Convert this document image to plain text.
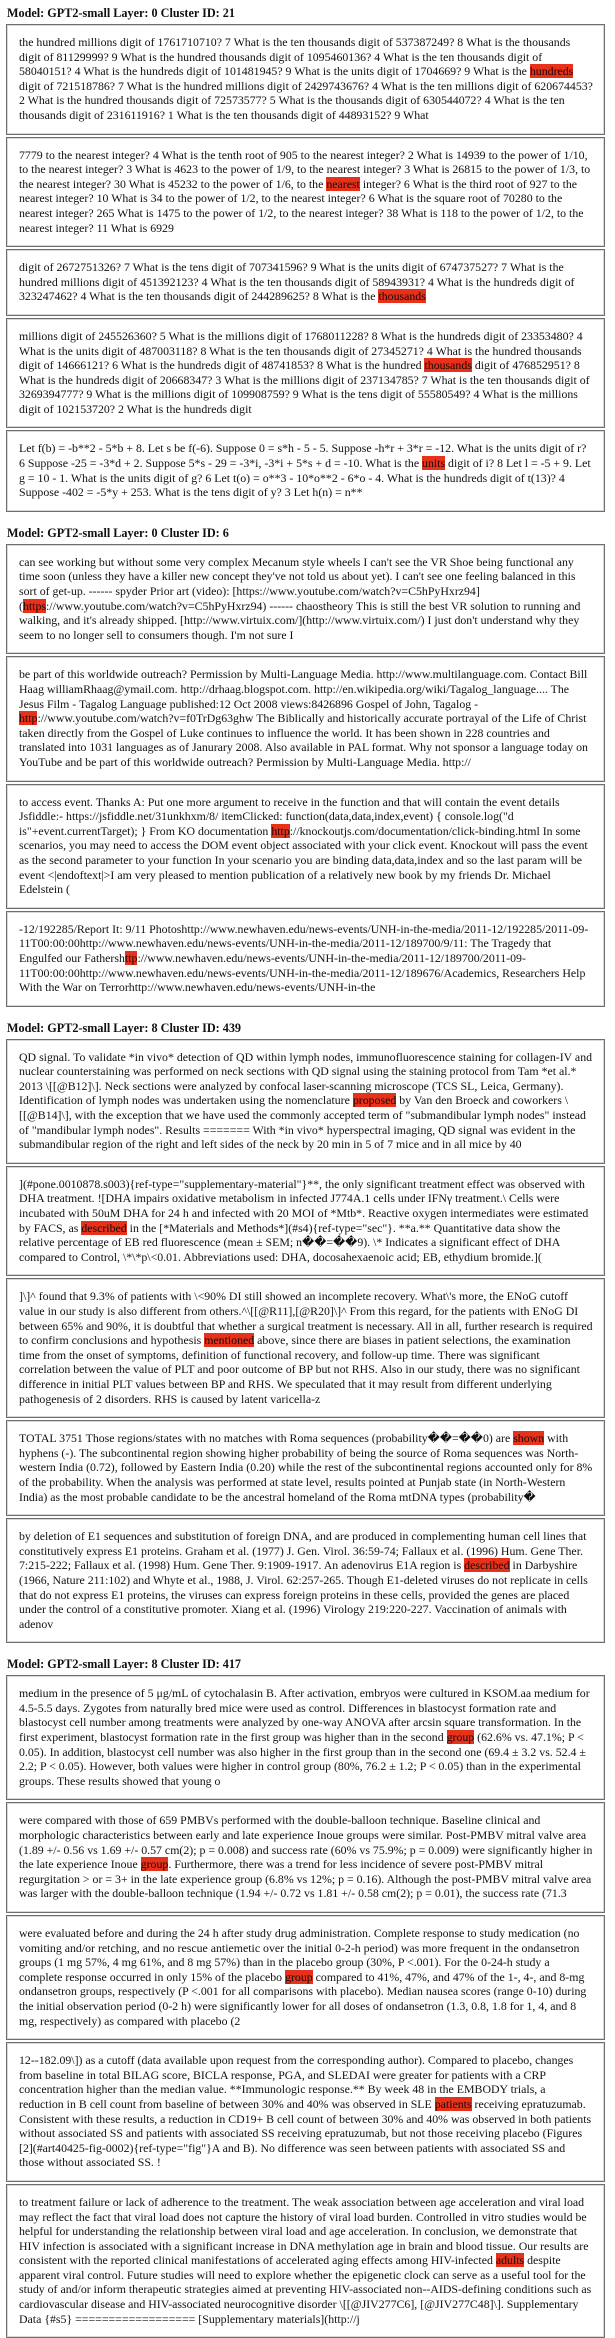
Model: GPT2-small Layer: 0 Cluster ID: 21
the hundred millions digit of 1761710710? 7 What is the ten thousands digit of 537387249? 8 What is the thousands digit of 81129999? 9 What is the hundred thousands digit of 1095460136? 4 What is the ten thousands digit of 58040151? 4 What is the hundreds digit of 101481945? 9 What is the units digit of 1704669? 9 What is the hundreds digit of 721518786? 7 What is the hundred millions digit of 2429743676? 4 What is the ten millions digit of 620674453? 2 What is the hundred thousands digit of 72573577? 5 What is the thousands digit of 630544072? 4 What is the ten thousands digit of 231611916? 1 What is the ten thousands digit of 44893152? 9 What
7779 to the nearest integer? 4 What is the tenth root of 905 to the nearest integer? 2 What is 14939 to the power of 1/10, to the nearest integer? 3 What is 4623 to the power of 1/9, to the nearest integer? 3 What is 26815 to the power of 1/3, to the nearest integer? 30 What is 45232 to the power of 1/6, to the nearest integer? 6 What is the third root of 927 to the nearest integer? 10 What is 34 to the power of 1/2, to the nearest integer? 6 What is the square root of 70280 to the nearest integer? 265 What is 1475 to the power of 1/2, to the nearest integer? 38 What is 118 to the power of 1/2, to the nearest integer? 11 What is 6929
digit of 2672751326? 7 What is the tens digit of 707341596? 9 What is the units digit of 674737527? 7 What is the hundred millions digit of 451392123? 4 What is the ten thousands digit of 58943931? 4 What is the hundreds digit of 323247462? 4 What is the ten thousands digit of 244289625? 8 What is the thousands
millions digit of 245526360? 5 What is the millions digit of 1768011228? 8 What is the hundreds digit of 23353480? 4 What is the units digit of 487003118? 8 What is the ten thousands digit of 27345271? 4 What is the hundred thousands digit of 14666121? 6 What is the hundreds digit of 48741853? 8 What is the hundred thousands digit of 476852951? 8 What is the hundreds digit of 20668347? 3 What is the millions digit of 237134785? 7 What is the ten thousands digit of 3269394777? 9 What is the millions digit of 109908759? 9 What is the tens digit of 55580549? 4 What is the millions digit of 102153720? 2 What is the hundreds digit
Let f(b) = -b**2 - 5*b + 8. Let s be f(-6). Suppose 0 = s*h - 5 - 5. Suppose -h*r + 3*r = -12. What is the units digit of r? 6 Suppose -25 = -3*d + 2. Suppose 5*s - 29 = -3*i, -3*i + 5*s + d = -10. What is the units digit of i? 8 Let l = -5 + 9. Let g = 10 - 1. What is the units digit of g? 6 Let t(o) = o**3 - 10*o**2 - 6*o - 4. What is the hundreds digit of t(13)? 4 Suppose -402 = -5*y + 253. What is the tens digit of y? 3 Let h(n) = n**
Model: GPT2-small Layer: 0 Cluster ID: 6
can see working but without some very complex Mecanum style wheels I can't see the VR Shoe being functional any time soon (unless they have a killer new concept they've not told us about yet). I can't see one feeling balanced in this sort of get-up. ------ spyder Prior art (video): [https://www.youtube.com/watch?v=C5hPyHxrz94] (https://www.youtube.com/watch?v=C5hPyHxrz94) ------ chaostheory This is still the best VR solution to running and walking, and it's already shipped. [http://www.virtuix.com/](http://www.virtuix.com/) I just don't understand why they seem to no longer sell to consumers though. I'm not sure I
be part of this worldwide outreach? Permission by Multi-Language Media. http://www.multilanguage.com. Contact Bill Haag williamRhaag@ymail.com. http://drhaag.blogspot.com. http://en.wikipedia.org/wiki/Tagalog_language.... The Jesus Film - Tagalog Language published:12 Oct 2008 views:8426896 Gospel of John, Tagalog - http://www.youtube.com/watch?v=f0TrDg63ghw The Biblically and historically accurate portrayal of the Life of Christ taken directly from the Gospel of Luke continues to influence the world. It has been shown in 228 countries and translated into 1031 languages as of Janurary 2008. Also available in PAL format. Why not sponsor a language today on YouTube and be part of this worldwide outreach? Permission by Multi-Language Media. http://
to access event. Thanks A: Put one more argument to receive in the function and that will contain the event details Jsfiddle:- https://jsfiddle.net/31unkhxm/8/ itemClicked: function(data,data,index,event) { console.log("d is"+event.currentTarget); } From KO documentation http://knockoutjs.com/documentation/click-binding.html In some scenarios, you may need to access the DOM event object associated with your click event. Knockout will pass the event as the second parameter to your function In your scenario you are binding data,data,index and so the last param will be event <|endoftext|>I am very pleased to mention publication of a relatively new book by my friends Dr. Michael Edelstein (
-12/192285/Report It: 9/11 Photoshttp://www.newhaven.edu/news-events/UNH-in-the-media/2011-12/192285/2011-09-11T00:00:00http://www.newhaven.edu/news-events/UNH-in-the-media/2011-12/189700/9/11: The Tragedy that Engulfed our Fathershttp://www.newhaven.edu/news-events/UNH-in-the-media/2011-12/189700/2011-09-11T00:00:00http://www.newhaven.edu/news-events/UNH-in-the-media/2011-12/189676/Academics, Researchers Help With the War on Terrorhttp://www.newhaven.edu/news-events/UNH-in-the
Model: GPT2-small Layer: 8 Cluster ID: 439
QD signal. To validate *in vivo* detection of QD within lymph nodes, immunofluorescence staining for collagen-IV and nuclear counterstaining was performed on neck sections with QD signal using the staining protocol from Tam *et al.* 2013 \[[@B12]\]. Neck sections were analyzed by confocal laser-scanning microscope (TCS SL, Leica, Germany). Identification of lymph nodes was undertaken using the nomenclature proposed by Van den Broeck and coworkers \[[@B14]\], with the exception that we have used the commonly accepted term of "submandibular lymph nodes" instead of "mandibular lymph nodes". Results ======= With *in vivo* hyperspectral imaging, QD signal was evident in the submandibular region of the right and left sides of the neck by 20 min in 5 of 7 mice and in all mice by 40
](#pone.0010878.s003){ref-type="supplementary-material"}**, the only significant treatment effect was observed with DHA treatment. ![DHA impairs oxidative metabolism in infected J774A.1 cells under IFNγ treatment.\ Cells were incubated with 50uM DHA for 24 h and infected with 20 MOI of *Mtb*. Reactive oxygen intermediates were estimated by FACS, as described in the [*Materials and Methods*](#s4){ref-type="sec"}. **a.** Quantitative data show the relative percentage of EB red fluorescence (mean ± SEM; n��=��9). \* Indicates a significant effect of DHA compared to Control, \*\*p\<0.01. Abbreviations used: DHA, docosahexaenoic acid; EB, ethydium bromide.](
]\]^ found that 9.3% of patients with \<90% DI still showed an incomplete recovery. What\'s more, the ENoG cutoff value in our study is also different from others.^\[[@R11],[@R20]\]^ From this regard, for the patients with ENoG DI between 65% and 90%, it is doubtful that whether a surgical treatment is necessary. All in all, further research is required to confirm conclusions and hypothesis mentioned above, since there are biases in patient selections, the examination time from the onset of symptoms, definition of functional recovery, and follow-up time. There was significant correlation between the value of PLT and poor outcome of BP but not RHS. Also in our study, there was no significant difference in initial PLT values between BP and RHS. We speculated that it may result from different underlying pathogenesis of 2 disorders. RHS is caused by latent varicella-z
TOTAL 3751 Those regions/states with no matches with Roma sequences (probability��=��0) are shown with hyphens (-). The subcontinental region showing higher probability of being the source of Roma sequences was North-western India (0.72), followed by Eastern India (0.20) while the rest of the subcontinental regions accounted only for 8% of the probability. When the analysis was performed at state level, results pointed at Punjab state (in North-Western India) as the most probable candidate to be the ancestral homeland of the Roma mtDNA types (probability�
by deletion of E1 sequences and substitution of foreign DNA, and are produced in complementing human cell lines that constitutively express E1 proteins. Graham et al. (1977) J. Gen. Virol. 36:59-74; Fallaux et al. (1996) Hum. Gene Ther. 7:215-222; Fallaux et al. (1998) Hum. Gene Ther. 9:1909-1917. An adenovirus E1A region is described in Darbyshire (1966, Nature 211:102) and Whyte et al., 1988, J. Virol. 62:257-265. Though E1-deleted viruses do not replicate in cells that do not express E1 proteins, the viruses can express foreign proteins in these cells, provided the genes are placed under the control of a constitutive promoter. Xiang et al. (1996) Virology 219:220-227. Vaccination of animals with adenov
Model: GPT2-small Layer: 8 Cluster ID: 417
medium in the presence of 5 μg/mL of cytochalasin B. After activation, embryos were cultured in KSOM.aa medium for 4.5-5.5 days. Zygotes from naturally bred mice were used as control. Differences in blastocyst formation rate and blastocyst cell number among treatments were analyzed by one-way ANOVA after arcsin square transformation. In the first experiment, blastocyst formation rate in the first group was higher than in the second group (62.6% vs. 47.1%; P < 0.05). In addition, blastocyst cell number was also higher in the first group than in the second one (69.4 ± 3.2 vs. 52.4 ± 2.2; P < 0.05). However, both values were higher in control group (80%, 76.2 ± 1.2; P < 0.05) than in the experimental groups. These results showed that young o
were compared with those of 659 PMBVs performed with the double-balloon technique. Baseline clinical and morphologic characteristics between early and late experience Inoue groups were similar. Post-PMBV mitral valve area (1.89 +/- 0.56 vs 1.69 +/- 0.57 cm(2); p = 0.008) and success rate (60% vs 75.9%; p = 0.009) were significantly higher in the late experience Inoue group. Furthermore, there was a trend for less incidence of severe post-PMBV mitral regurgitation > or = 3+ in the late experience group (6.8% vs 12%; p = 0.16). Although the post-PMBV mitral valve area was larger with the double-balloon technique (1.94 +/- 0.72 vs 1.81 +/- 0.58 cm(2); p = 0.01), the success rate (71.3
were evaluated before and during the 24 h after study drug administration. Complete response to study medication (no vomiting and/or retching, and no rescue antiemetic over the initial 0-2-h period) was more frequent in the ondansetron groups (1 mg 57%, 4 mg 61%, and 8 mg 57%) than in the placebo group (30%, P <.001). For the 0-24-h study a complete response occurred in only 15% of the placebo group compared to 41%, 47%, and 47% of the 1-, 4-, and 8-mg ondansetron groups, respectively (P <.001 for all comparisons with placebo). Median nausea scores (range 0-10) during the initial observation period (0-2 h) were significantly lower for all doses of ondansetron (1.3, 0.8, 1.8 for 1, 4, and 8 mg, respectively) as compared with placebo (2
12--182.09\]) as a cutoff (data available upon request from the corresponding author). Compared to placebo, changes from baseline in total BILAG score, BICLA response, PGA, and SLEDAI were greater for patients with a CRP concentration higher than the median value. **Immunologic response.** By week 48 in the EMBODY trials, a reduction in B cell count from baseline of between 30% and 40% was observed in SLE patients receiving epratuzumab. Consistent with these results, a reduction in CD19+ B cell count of between 30% and 40% was observed in both patients without associated SS and patients with associated SS receiving epratuzumab, but not those receiving placebo (Figures [2](#art40425-fig-0002){ref-type="fig"}A and B). No difference was seen between patients with associated SS and those without associated SS. !
to treatment failure or lack of adherence to the treatment. The weak association between age acceleration and viral load may reflect the fact that viral load does not capture the history of viral load burden. Controlled in vitro studies would be helpful for understanding the relationship between viral load and age acceleration. In conclusion, we demonstrate that HIV infection is associated with a significant increase in DNA methylation age in brain and blood tissue. Our results are consistent with the reported clinical manifestations of accelerated aging effects among HIV-infected adults despite apparent viral control. Future studies will need to explore whether the epigenetic clock can serve as a useful tool for the study of and/or inform therapeutic strategies aimed at preventing HIV-associated non--AIDS-defining conditions such as cardiovascular disease and HIV-associated neurocognitive disorder \[[@JIV277C6], [@JIV277C48]\]. Supplementary Data {#s5} ================== [Supplementary materials](http://j
